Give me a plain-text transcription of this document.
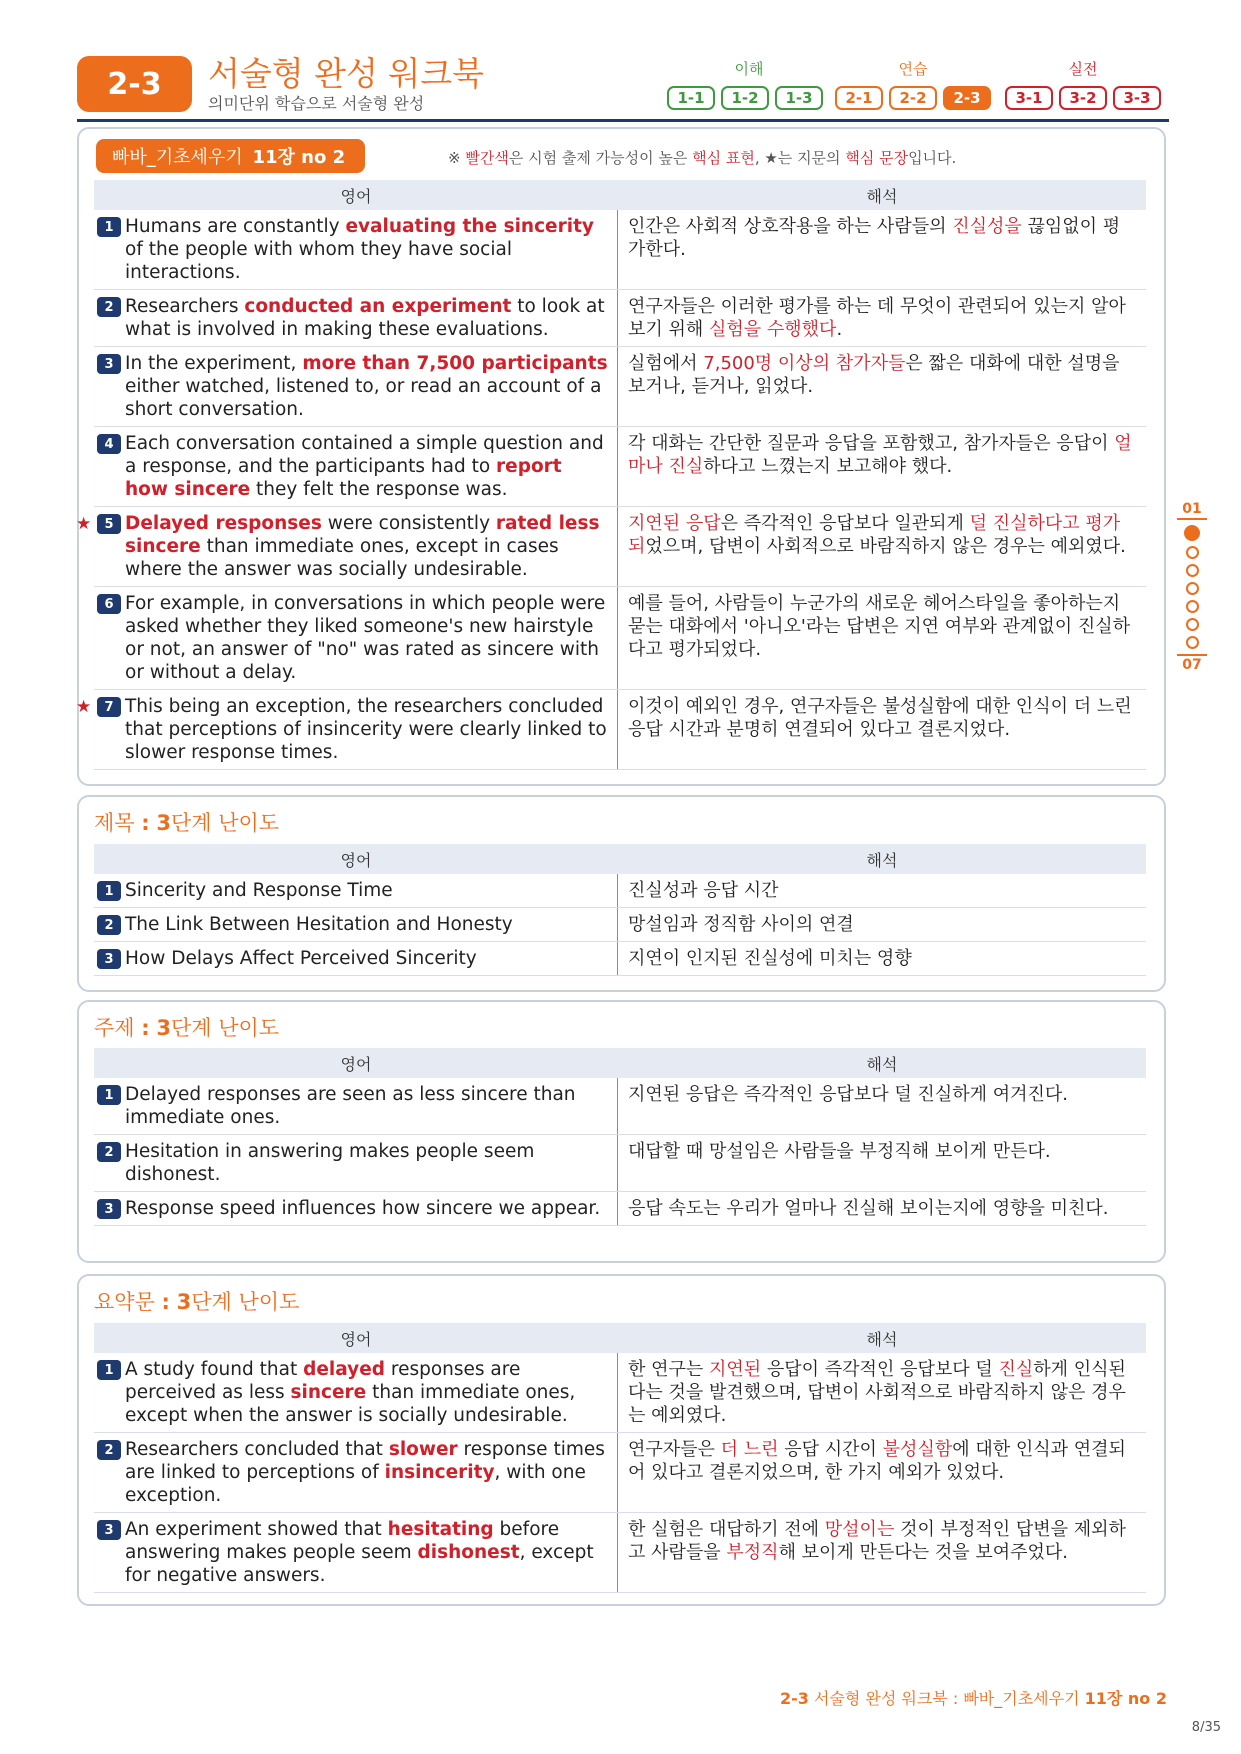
2-3	서술형 완성 워크북
의미단위 학습으로 서술형 완성
이해	연습	실전
1-1	1-2	1-3	2-1	2-2	2-3	3-1	3-2	3-3
빠바_기초세우기
11장 no 2	※ 빨간색은 시험 출제 가능성이 높은 핵심 표현, ★는 지문의 핵심 문장입니다.
영어	해석
1 Humans are constantly evaluating the sincerity of the people with whom they have social interactions.
인간은 사회적 상호작용을 하는 사람들의 진실성을 끊임없이 평가한다.
2 Researchers conducted an experiment to look at what is involved in making these evaluations.
연구자들은 이러한 평가를 하는 데 무엇이 관련되어 있는지 알아보기 위해 실험을 수행했다.
3 In the experiment, more than 7,500 participants either watched, listened to, or read an account of a short conversation.
실험에서 7,500명 이상의 참가자들은 짧은 대화에 대한 설명을 보거나, 듣거나, 읽었다.
4 Each conversation contained a simple question and a response, and the participants had to report how sincere they felt the response was.
각 대화는 간단한 질문과 응답을 포함했고, 참가자들은 응답이 얼마나 진실하다고 느꼈는지 보고해야 했다.
★	5 Delayed responses were consistently rated less sincere than immediate ones, except in cases where the answer was socially undesirable.
지연된 응답은 즉각적인 응답보다 일관되게 덜 진실하다고 평가되었으며, 답변이 사회적으로 바람직하지 않은 경우는 예외였다.
6 For example, in conversations in which people were asked whether they liked someone's new hairstyle or not, an answer of "no" was rated as sincere with or without a delay.
예를 들어, 사람들이 누군가의 새로운 헤어스타일을 좋아하는지 묻는 대화에서 '아니오'라는 답변은 지연 여부와 관계없이 진실하다고 평가되었다.
★	7 This being an exception, the researchers concluded that perceptions of insincerity were clearly linked to slower response times.
이것이 예외인 경우, 연구자들은 불성실함에 대한 인식이 더 느린 응답 시간과 분명히 연결되어 있다고 결론지었다.
제목 : 3단계 난이도
영어	해석
1 Sincerity and Response Time	진실성과 응답 시간
2 The Link Between Hesitation and Honesty	망설임과 정직함 사이의 연결
3 How Delays Affect Perceived Sincerity	지연이 인지된 진실성에 미치는 영향
주제 : 3단계 난이도
영어	해석
1 Delayed responses are seen as less sincere than immediate ones.
지연된 응답은 즉각적인 응답보다 덜 진실하게 여겨진다.
2 Hesitation in answering makes people seem dishonest.
대답할 때 망설임은 사람들을 부정직해 보이게 만든다.
3 Response speed influences how sincere we appear.	응답 속도는 우리가 얼마나 진실해 보이는지에 영향을 미친다.
요약문 : 3단계 난이도
영어	해석
1 A study found that delayed responses are perceived as less sincere than immediate ones, except when the answer is socially undesirable.
한 연구는 지연된 응답이 즉각적인 응답보다 덜 진실하게 인식된다는 것을 발견했으며, 답변이 사회적으로 바람직하지 않은 경우는 예외였다.
2 Researchers concluded that slower response times are linked to perceptions of insincerity, with one exception.
연구자들은 더 느린 응답 시간이 불성실함에 대한 인식과 연결되어 있다고 결론지었으며, 한 가지 예외가 있었다.
3 An experiment showed that hesitating before answering makes people seem dishonest, except for negative answers.
한 실험은 대답하기 전에 망설이는 것이 부정적인 답변을 제외하고 사람들을 부정직해 보이게 만든다는 것을 보여주었다.
01
07
2-3 서술형 완성 워크북 : 빠바_기초세우기 11장 no 2
8/35
